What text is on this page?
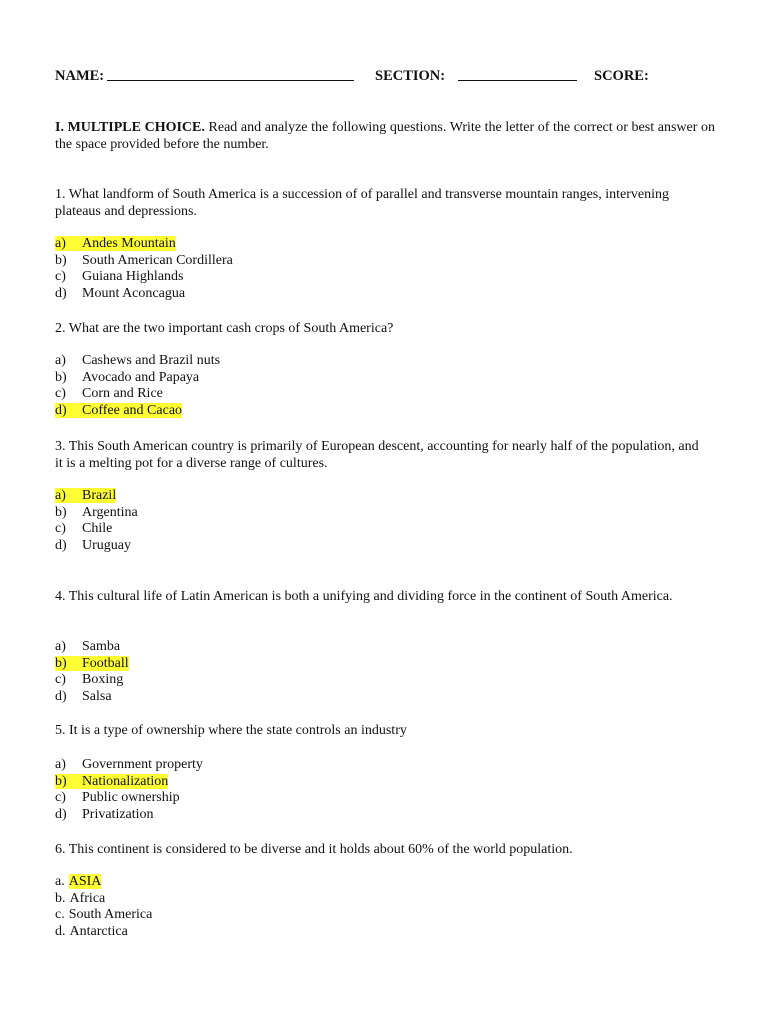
NAME:	SECTION:	SCORE:
I. MULTIPLE CHOICE. Read and analyze the following questions. Write the letter of the correct or best answer on the space provided before the number.
1. What landform of South America is a succession of of parallel and transverse mountain ranges, intervening plateaus and depressions.
a) Andes Mountain
b) South American Cordillera
c) Guiana Highlands
d) Mount Aconcagua
2. What are the two important cash crops of South America?
a) Cashews and Brazil nuts
b) Avocado and Papaya
c) Corn and Rice
d) Coffee and Cacao
3. This South American country is primarily of European descent, accounting for nearly half of the population, and it is a melting pot for a diverse range of cultures.
a) Brazil
b) Argentina
c) Chile
d) Uruguay
4. This cultural life of Latin American is both a unifying and dividing force in the continent of South America.
a) Samba
b) Football
c) Boxing
d) Salsa
5. It is a type of ownership where the state controls an industry
a) Government property
b) Nationalization
c) Public ownership
d) Privatization
6. This continent is considered to be diverse and it holds about 60% of the world population.
a. ASIA
b. Africa
c. South America
d. Antarctica
